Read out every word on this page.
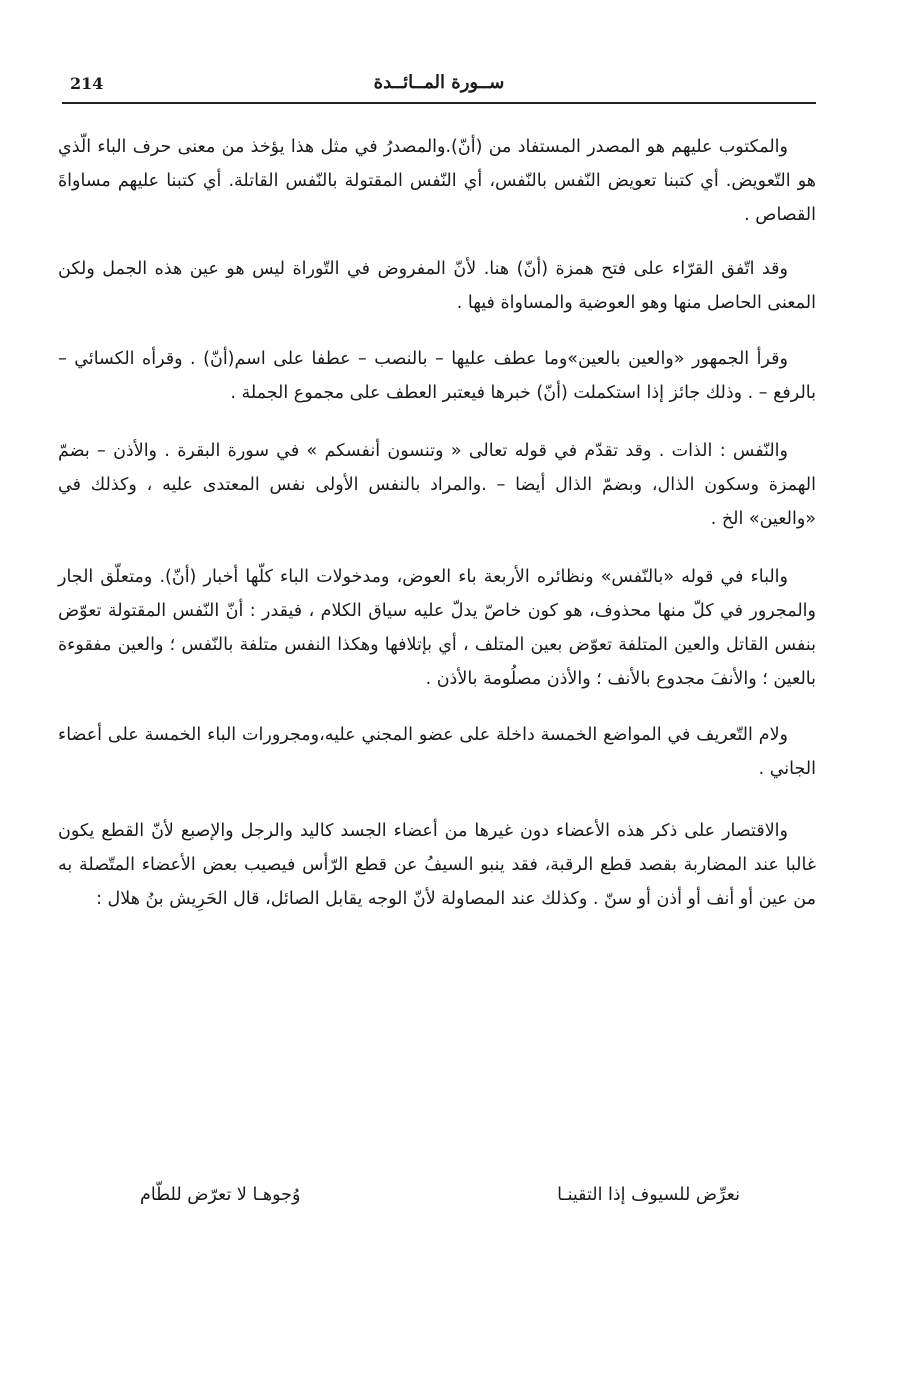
214	ســورة المــائــدة

والمكتوب عليهم هو المصدر المستفاد من (أنّ).والمصدرُ في مثل هذا يؤخذ من معنى حرف الباء الّذي هو التّعويض. أي كتبنا تعويض النّفس بالنّفس، أي النّفس المقتولة بالنّفس القاتلة. أي كتبنا عليهم مساواةَ القصاص .

وقد اتّفق القرّاء على فتح همزة (أنّ) هنا. لأنّ المفروض في التّوراة ليس هو عين هذه الجمل ولكن المعنى الحاصل منها وهو العوضية والمساواة فيها .

وقرأ الجمهور «والعين بالعين»وما عطف عليها – بالنصب – عطفا على اسم(أنّ) . وقرأه الكسائي – بالرفع – . وذلك جائز إذا استكملت (أنّ) خبرها فيعتبر العطف على مجموع الجملة .

والنّفس : الذات . وقد تقدّم في قوله تعالى « وتنسون أنفسكم » في سورة البقرة . والأذن – بضمّ الهمزة وسكون الذال، وبضمّ الذال أيضا – .والمراد بالنفس الأولى نفس المعتدى عليه ، وكذلك في «والعين» الخ .

والباء في قوله «بالنّفس» ونظائره الأربعة باء العوض، ومدخولات الباء كلّها أخبار (أنّ). ومتعلّق الجار والمجرور في كلّ منها محذوف، هو كون خاصّ يدلّ عليه سياق الكلام ، فيقدر : أنّ النّفس المقتولة تعوّض بنفس القاتل والعين المتلفة تعوّض بعين المتلف ، أي بإتلافها وهكذا النفس متلفة بالنّفس ؛ والعين مفقوءة بالعين ؛ والأنفَ مجدوع بالأنف ؛ والأذن مصلُومة بالأذن .

ولام التّعريف في المواضع الخمسة داخلة على عضو المجني عليه،ومجرورات الباء الخمسة على أعضاء الجاني .

والاقتصار على ذكر هذه الأعضاء دون غيرها من أعضاء الجسد كاليد والرجل والإصبع لأنّ القطع يكون غالبا عند المضاربة بقصد قطع الرقبة، فقد ينبو السيفُ عن قطع الرّأس فيصيب بعض الأعضاء المتّصلة به من عين أو أنف أو أذن أو سنّ . وكذلك عند المصاولة لأنّ الوجه يقابل الصائل، قال الحَرِيش بنُ هلال :

نعرِّض للسيوف إذا التقينـا
وُجوهـا لا تعرّض للطّام
